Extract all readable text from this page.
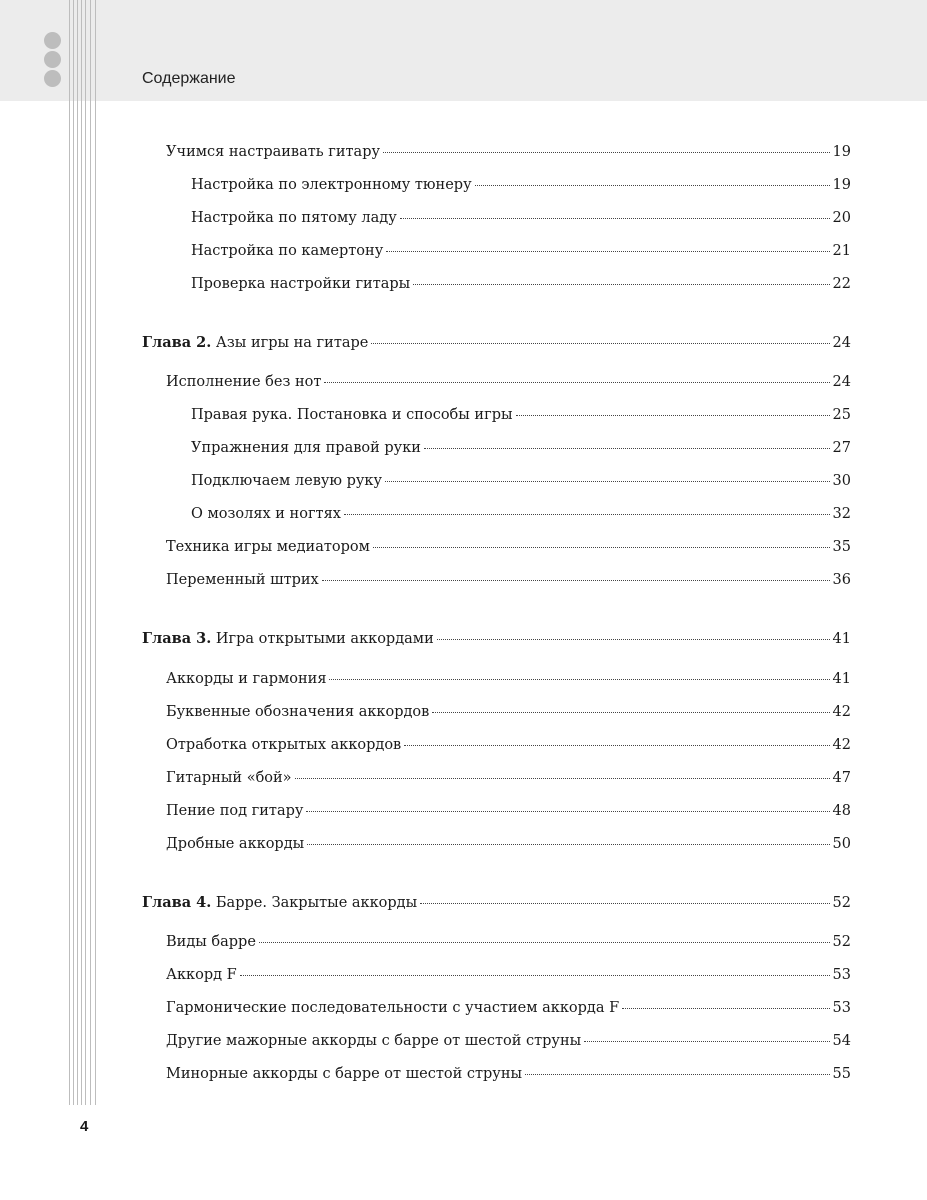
Содержание
Учимся настраивать гитару	19
Настройка по электронному тюнеру	19
Настройка по пятому ладу	20
Настройка по камертону	21
Проверка настройки гитары	22
Глава 2. Азы игры на гитаре	24
Исполнение без нот	24
Правая рука. Постановка и способы игры	25
Упражнения для правой руки	27
Подключаем левую руку	30
О мозолях и ногтях	32
Техника игры медиатором	35
Переменный штрих	36
Глава 3. Игра открытыми аккордами	41
Аккорды и гармония	41
Буквенные обозначения аккордов	42
Отработка открытых аккордов	42
Гитарный «бой»	47
Пение под гитару	48
Дробные аккорды	50
Глава 4. Барре. Закрытые аккорды	52
Виды барре	52
Аккорд F	53
Гармонические последовательности с участием аккорда F	53
Другие мажорные аккорды с барре от шестой струны	54
Минорные аккорды с барре от шестой струны	55
4
